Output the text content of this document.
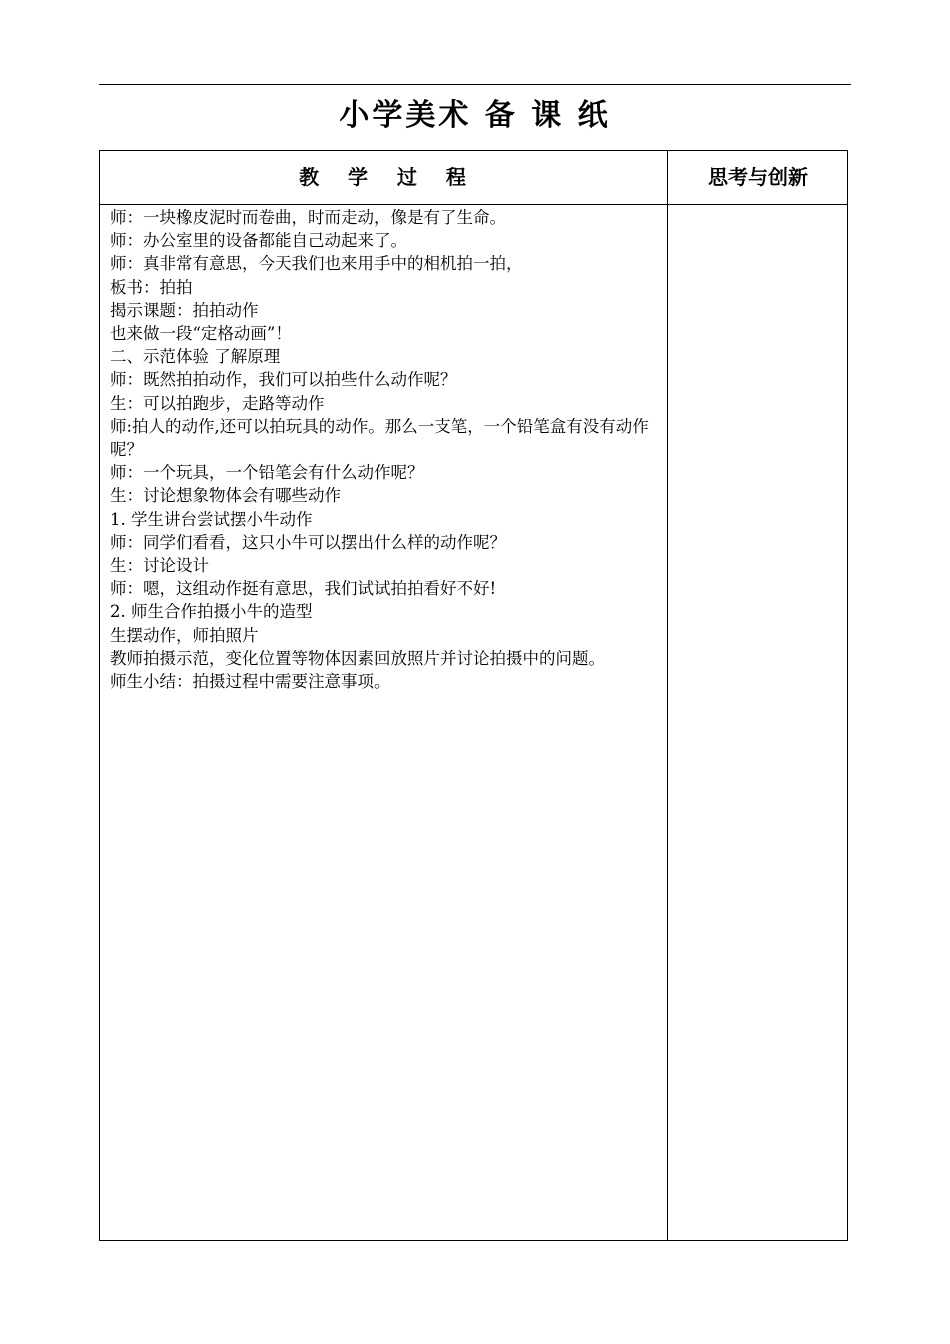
小学美术 备 课 纸
教   学   过   程	思考与创新

师：一块橡皮泥时而卷曲，时而走动，像是有了生命。

师：办公室里的设备都能自己动起来了。

师：真非常有意思，今天我们也来用手中的相机拍一拍，

板书：拍拍

揭示课题：拍拍动作

也来做一段“定格动画”！

二、示范体验 了解原理

师：既然拍拍动作，我们可以拍些什么动作呢？

生：可以拍跑步，走路等动作

师:拍人的动作,还可以拍玩具的动作。那么一支笔，一个铅笔盒有没有动作呢？

师：一个玩具，一个铅笔会有什么动作呢？

生：讨论想象物体会有哪些动作

1. 学生讲台尝试摆小牛动作

师：同学们看看，这只小牛可以摆出什么样的动作呢？

生：讨论设计

师：嗯，这组动作挺有意思，我们试试拍拍看好不好!

2. 师生合作拍摄小牛的造型

生摆动作，师拍照片

教师拍摄示范，变化位置等物体因素回放照片并讨论拍摄中的问题。

师生小结：拍摄过程中需要注意事项。
